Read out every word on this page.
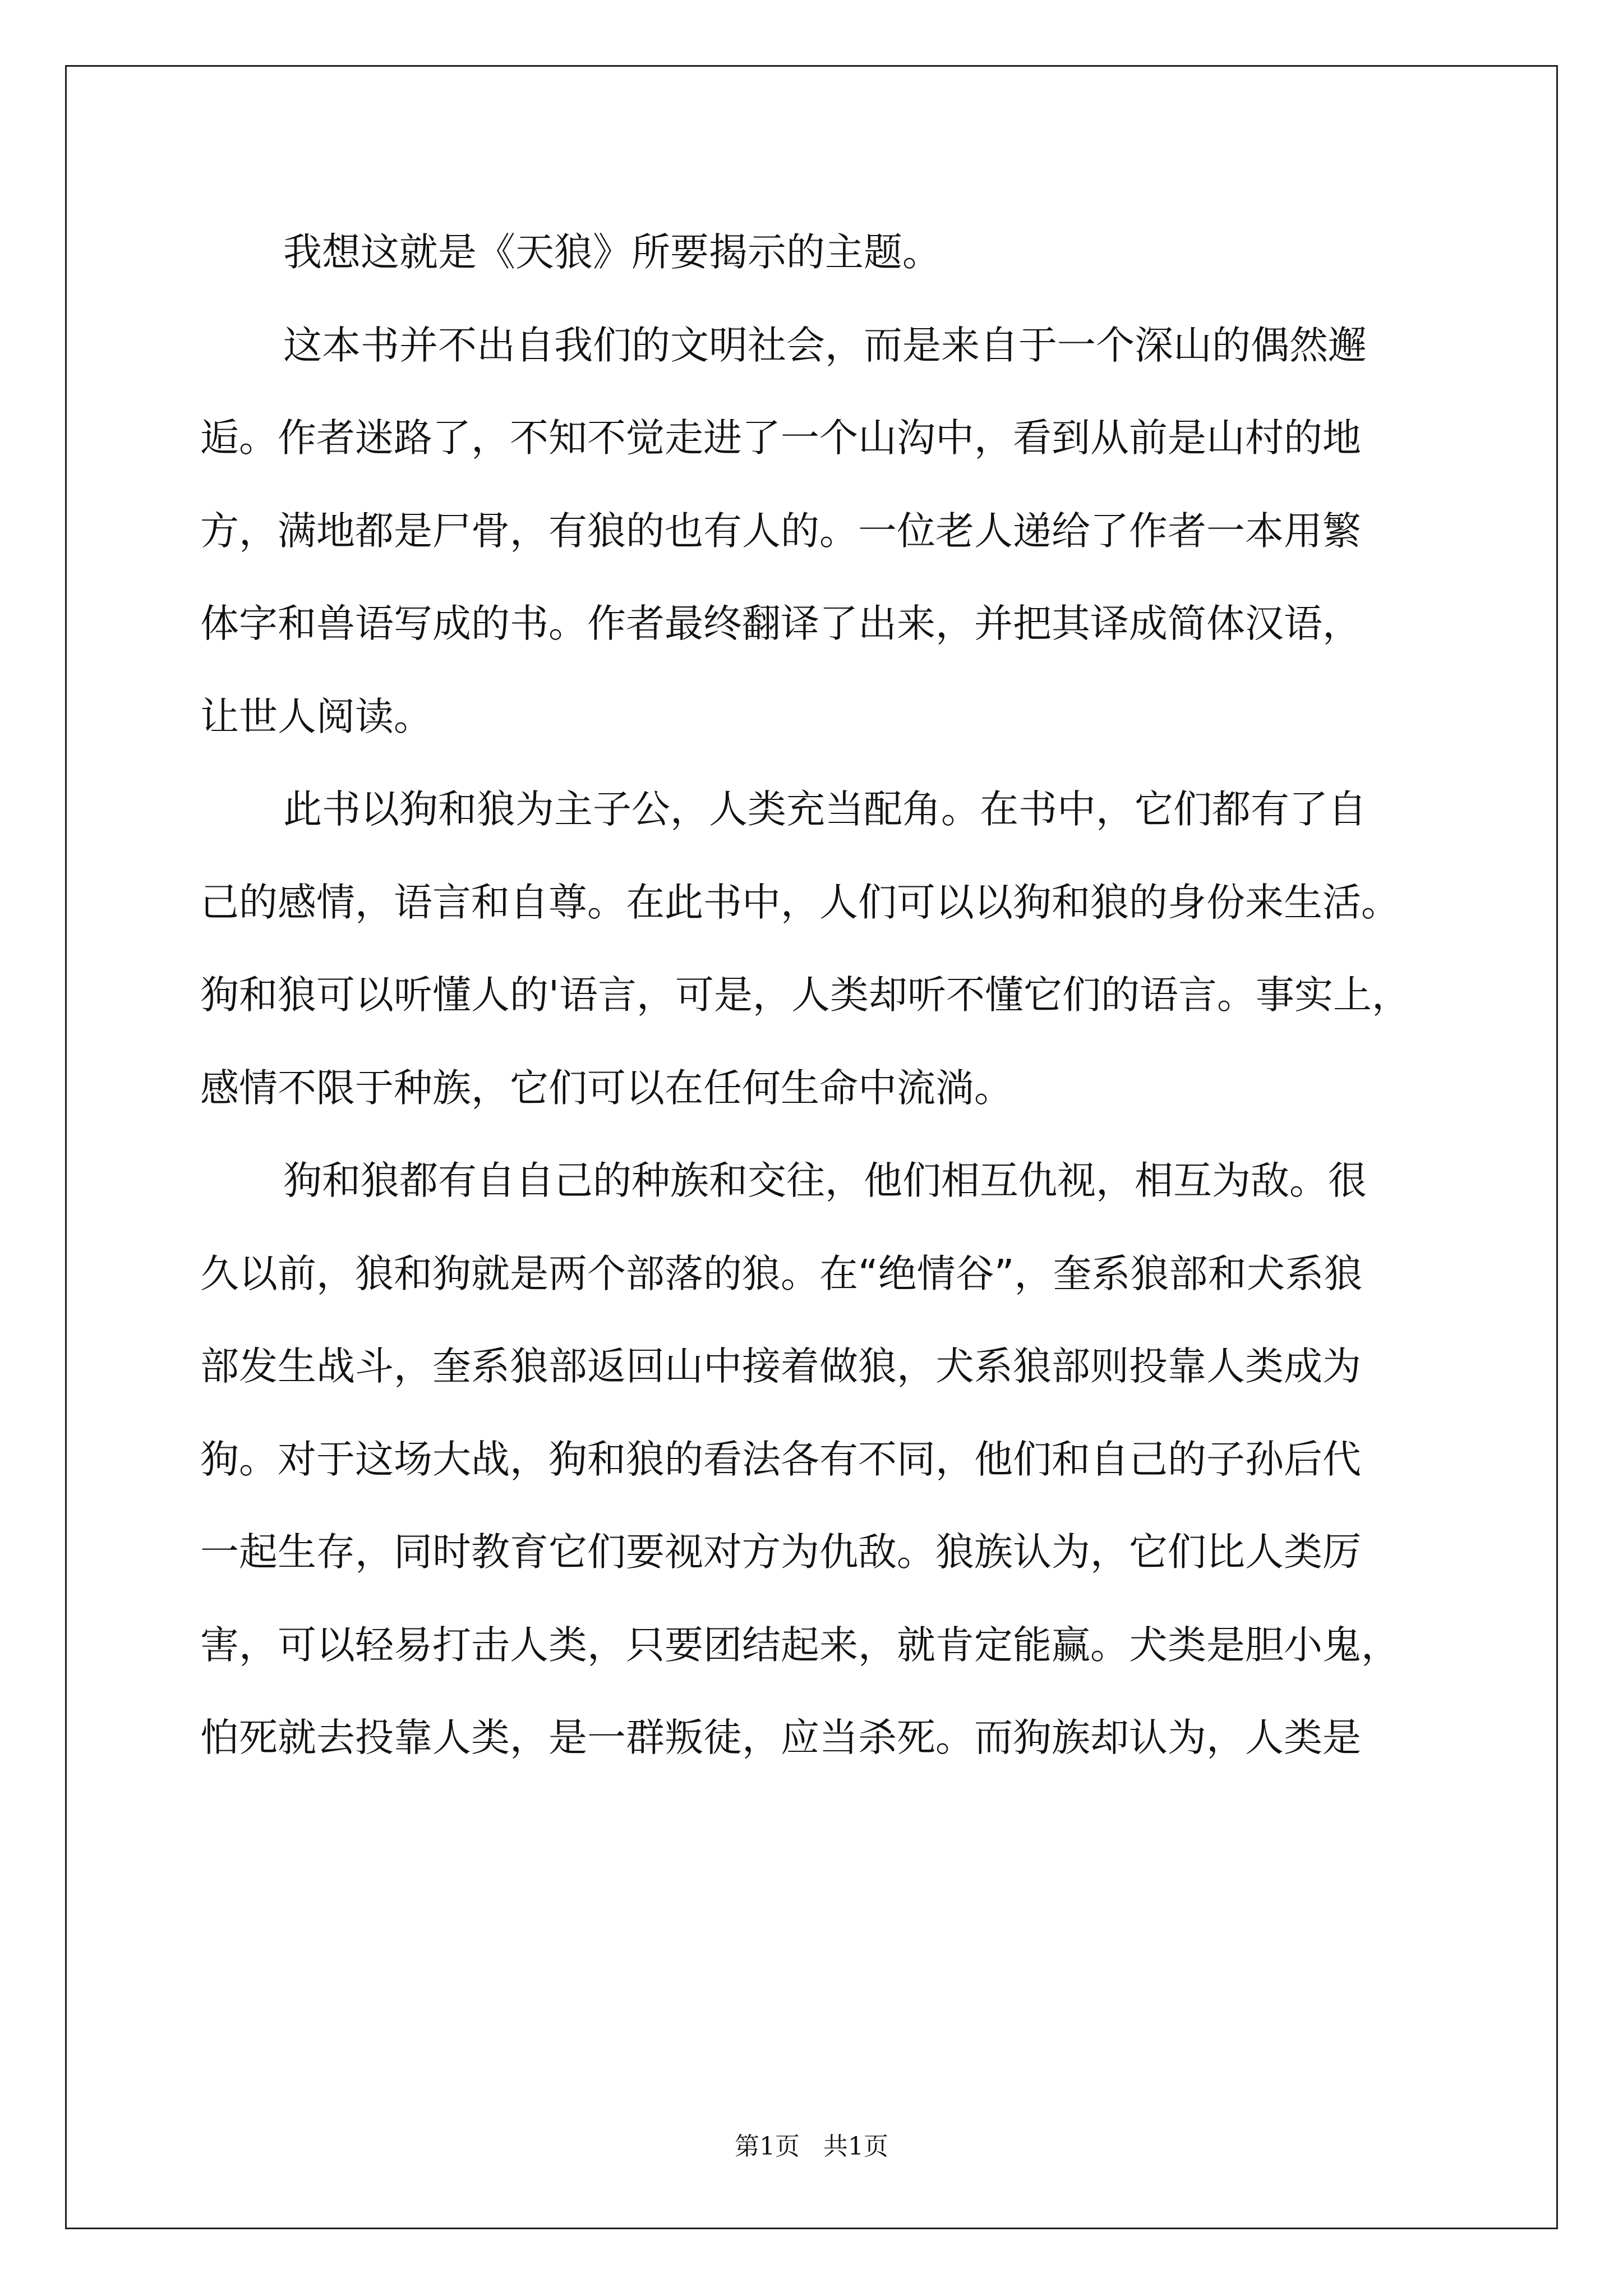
我想这就是《天狼》所要揭示的主题。

这本书并不出自我们的文明社会，而是来自于一个深山的偶然邂

逅。作者迷路了，不知不觉走进了一个山沟中，看到从前是山村的地

方，满地都是尸骨，有狼的也有人的。一位老人递给了作者一本用繁

体字和兽语写成的书。作者最终翻译了出来，并把其译成简体汉语，

让世人阅读。

此书以狗和狼为主子公，人类充当配角。在书中，它们都有了自

己的感情，语言和自尊。在此书中，人们可以以狗和狼的身份来生活。

狗和狼可以听懂人的'语言，可是，人类却听不懂它们的语言。事实上，

感情不限于种族，它们可以在任何生命中流淌。

狗和狼都有自自己的种族和交往，他们相互仇视，相互为敌。很

久以前，狼和狗就是两个部落的狼。在“绝情谷”，奎系狼部和犬系狼

部发生战斗，奎系狼部返回山中接着做狼，犬系狼部则投靠人类成为

狗。对于这场大战，狗和狼的看法各有不同，他们和自己的子孙后代

一起生存，同时教育它们要视对方为仇敌。狼族认为，它们比人类厉

害，可以轻易打击人类，只要团结起来，就肯定能赢。犬类是胆小鬼，

怕死就去投靠人类，是一群叛徒，应当杀死。而狗族却认为，人类是

第1页   共1页
